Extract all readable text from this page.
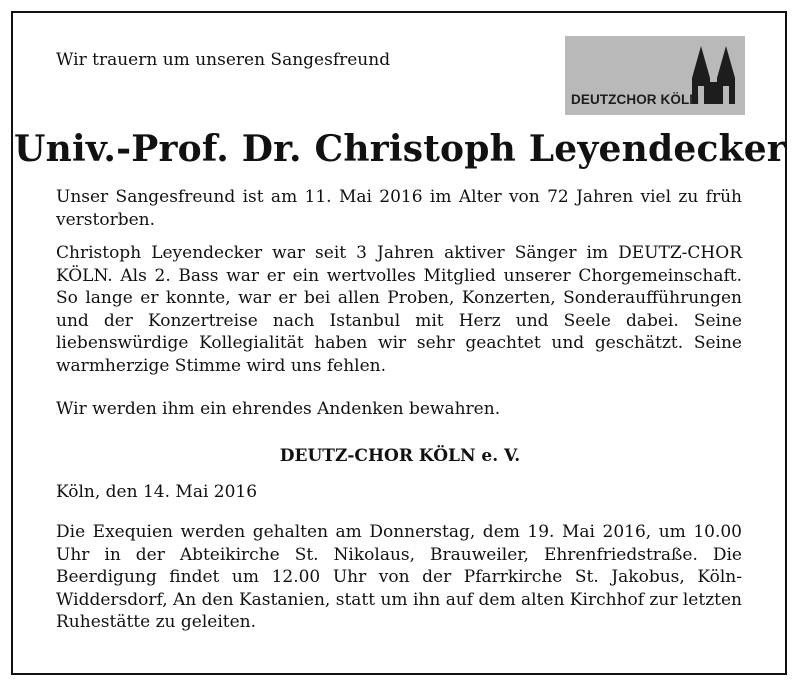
Wir trauern um unseren Sangesfreund

DEUTZCHOR KÖLN
Univ.-Prof. Dr. Christoph Leyendecker

Unser Sangesfreund ist am 11. Mai 2016 im Alter von 72 Jahren viel zu früh verstorben.

Christoph Leyendecker war seit 3 Jahren aktiver Sänger im DEUTZ-CHOR KÖLN. Als 2. Bass war er ein wertvolles Mitglied unserer Chorgemeinschaft. So lange er konnte, war er bei allen Proben, Konzerten, Sonderaufführungen und der Konzertreise nach Istanbul mit Herz und Seele dabei. Seine liebenswürdige Kollegialität haben wir sehr geachtet und geschätzt. Seine warmherzige Stimme wird uns fehlen.

Wir werden ihm ein ehrendes Andenken bewahren.

DEUTZ-CHOR KÖLN e. V.

Köln, den 14. Mai 2016

Die Exequien werden gehalten am Donnerstag, dem 19. Mai 2016, um 10.00 Uhr in der Abteikirche St. Nikolaus, Brauweiler, Ehrenfriedstraße. Die Beerdigung findet um 12.00 Uhr von der Pfarrkirche St. Jakobus, Köln-Widdersdorf, An den Kastanien, statt um ihn auf dem alten Kirchhof zur letzten Ruhestätte zu geleiten.
